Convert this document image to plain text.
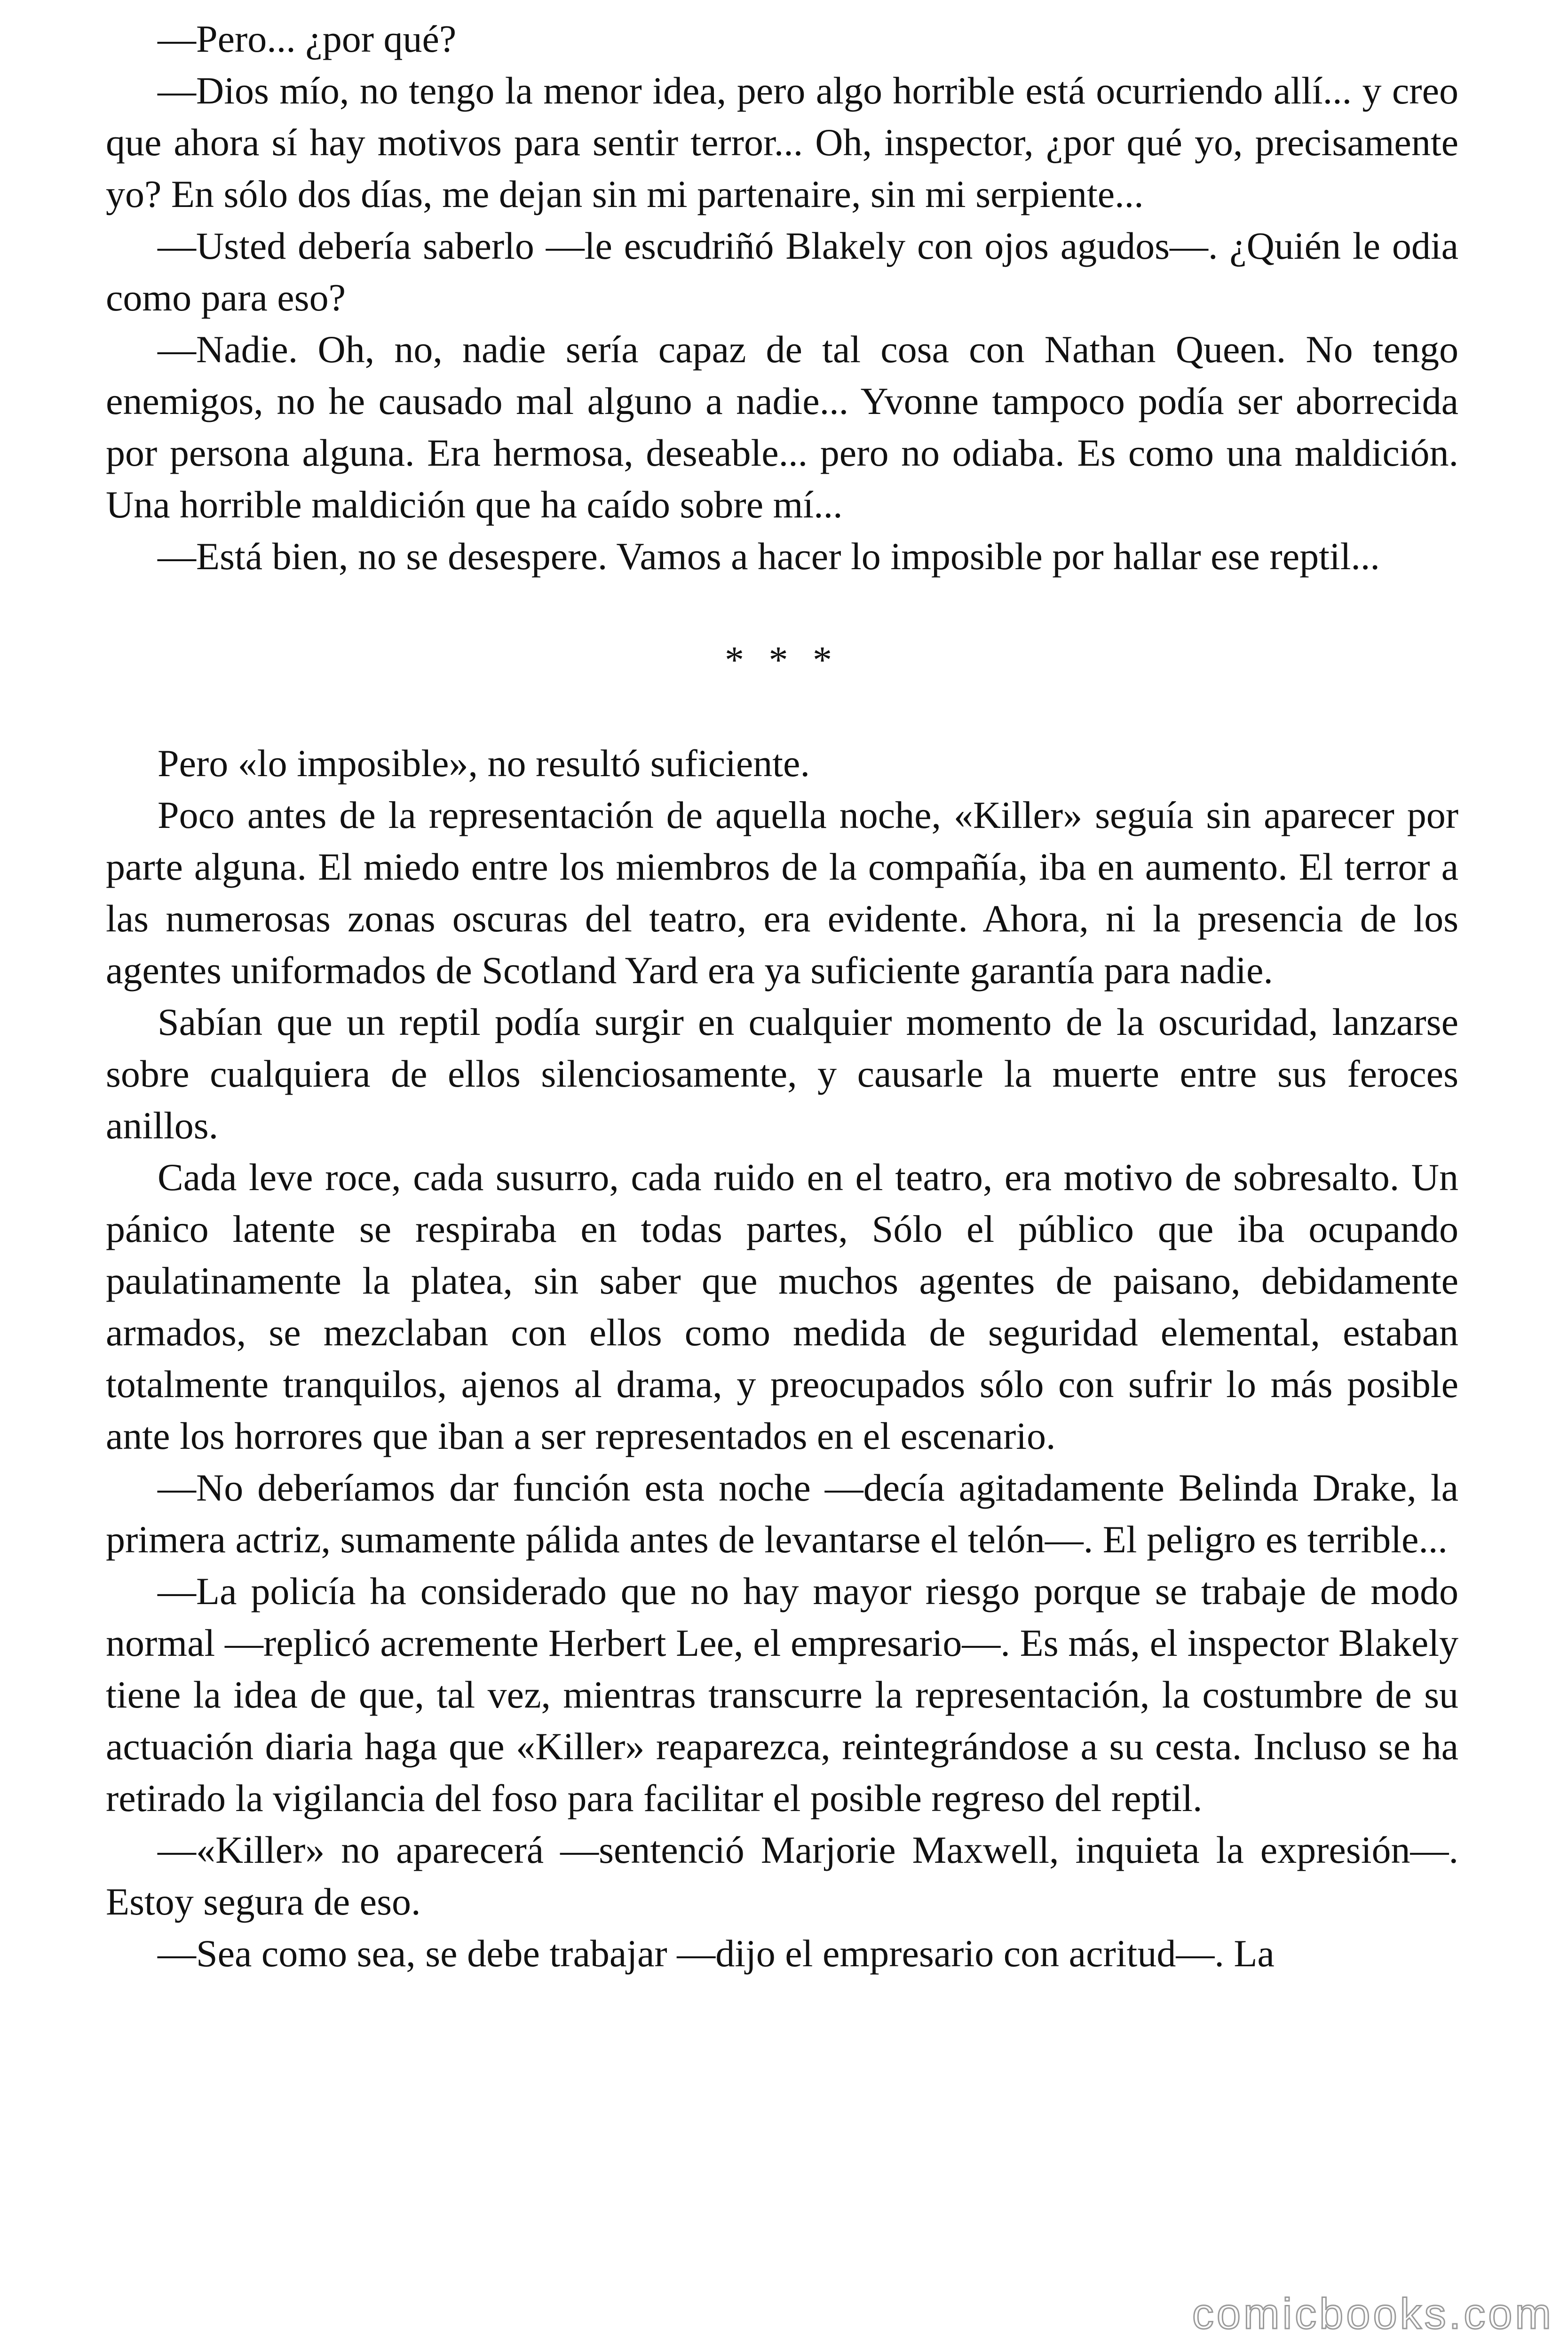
—Pero... ¿por qué?

—Dios mío, no tengo la menor idea, pero algo horrible está ocurriendo allí... y creo que ahora sí hay motivos para sentir terror... Oh, inspector, ¿por qué yo, precisamente yo? En sólo dos días, me dejan sin mi partenaire, sin mi serpiente...

—Usted debería saberlo —le escudriñó Blakely con ojos agudos—. ¿Quién le odia como para eso?

—Nadie. Oh, no, nadie sería capaz de tal cosa con Nathan Queen. No tengo enemigos, no he causado mal alguno a nadie... Yvonne tampoco podía ser aborrecida por persona alguna. Era hermosa, deseable... pero no odiaba. Es como una maldición. Una horrible maldición que ha caído sobre mí...

—Está bien, no se desespere. Vamos a hacer lo imposible por hallar ese reptil...

* * *

Pero «lo imposible», no resultó suficiente.

Poco antes de la representación de aquella noche, «Killer» seguía sin aparecer por parte alguna. El miedo entre los miembros de la compañía, iba en aumento. El terror a las numerosas zonas oscuras del teatro, era evidente. Ahora, ni la presencia de los agentes uniformados de Scotland Yard era ya suficiente garantía para nadie.

Sabían que un reptil podía surgir en cualquier momento de la oscuridad, lanzarse sobre cualquiera de ellos silenciosamente, y causarle la muerte entre sus feroces anillos.

Cada leve roce, cada susurro, cada ruido en el teatro, era motivo de sobresalto. Un pánico latente se respiraba en todas partes, Sólo el público que iba ocupando paulatinamente la platea, sin saber que muchos agentes de paisano, debidamente armados, se mezclaban con ellos como medida de seguridad elemental, estaban totalmente tranquilos, ajenos al drama, y preocupados sólo con sufrir lo más posible ante los horrores que iban a ser representados en el escenario.

—No deberíamos dar función esta noche —decía agitadamente Belinda Drake, la primera actriz, sumamente pálida antes de levantarse el telón—. El peligro es terrible...

—La policía ha considerado que no hay mayor riesgo porque se trabaje de modo normal —replicó acremente Herbert Lee, el empresario—. Es más, el inspector Blakely tiene la idea de que, tal vez, mientras transcurre la representación, la costumbre de su actuación diaria haga que «Killer» reaparezca, reintegrándose a su cesta. Incluso se ha retirado la vigilancia del foso para facilitar el posible regreso del reptil.

—«Killer» no aparecerá —sentenció Marjorie Maxwell, inquieta la expresión—. Estoy segura de eso.

—Sea como sea, se debe trabajar —dijo el empresario con acritud—. La

comicbooks.com
